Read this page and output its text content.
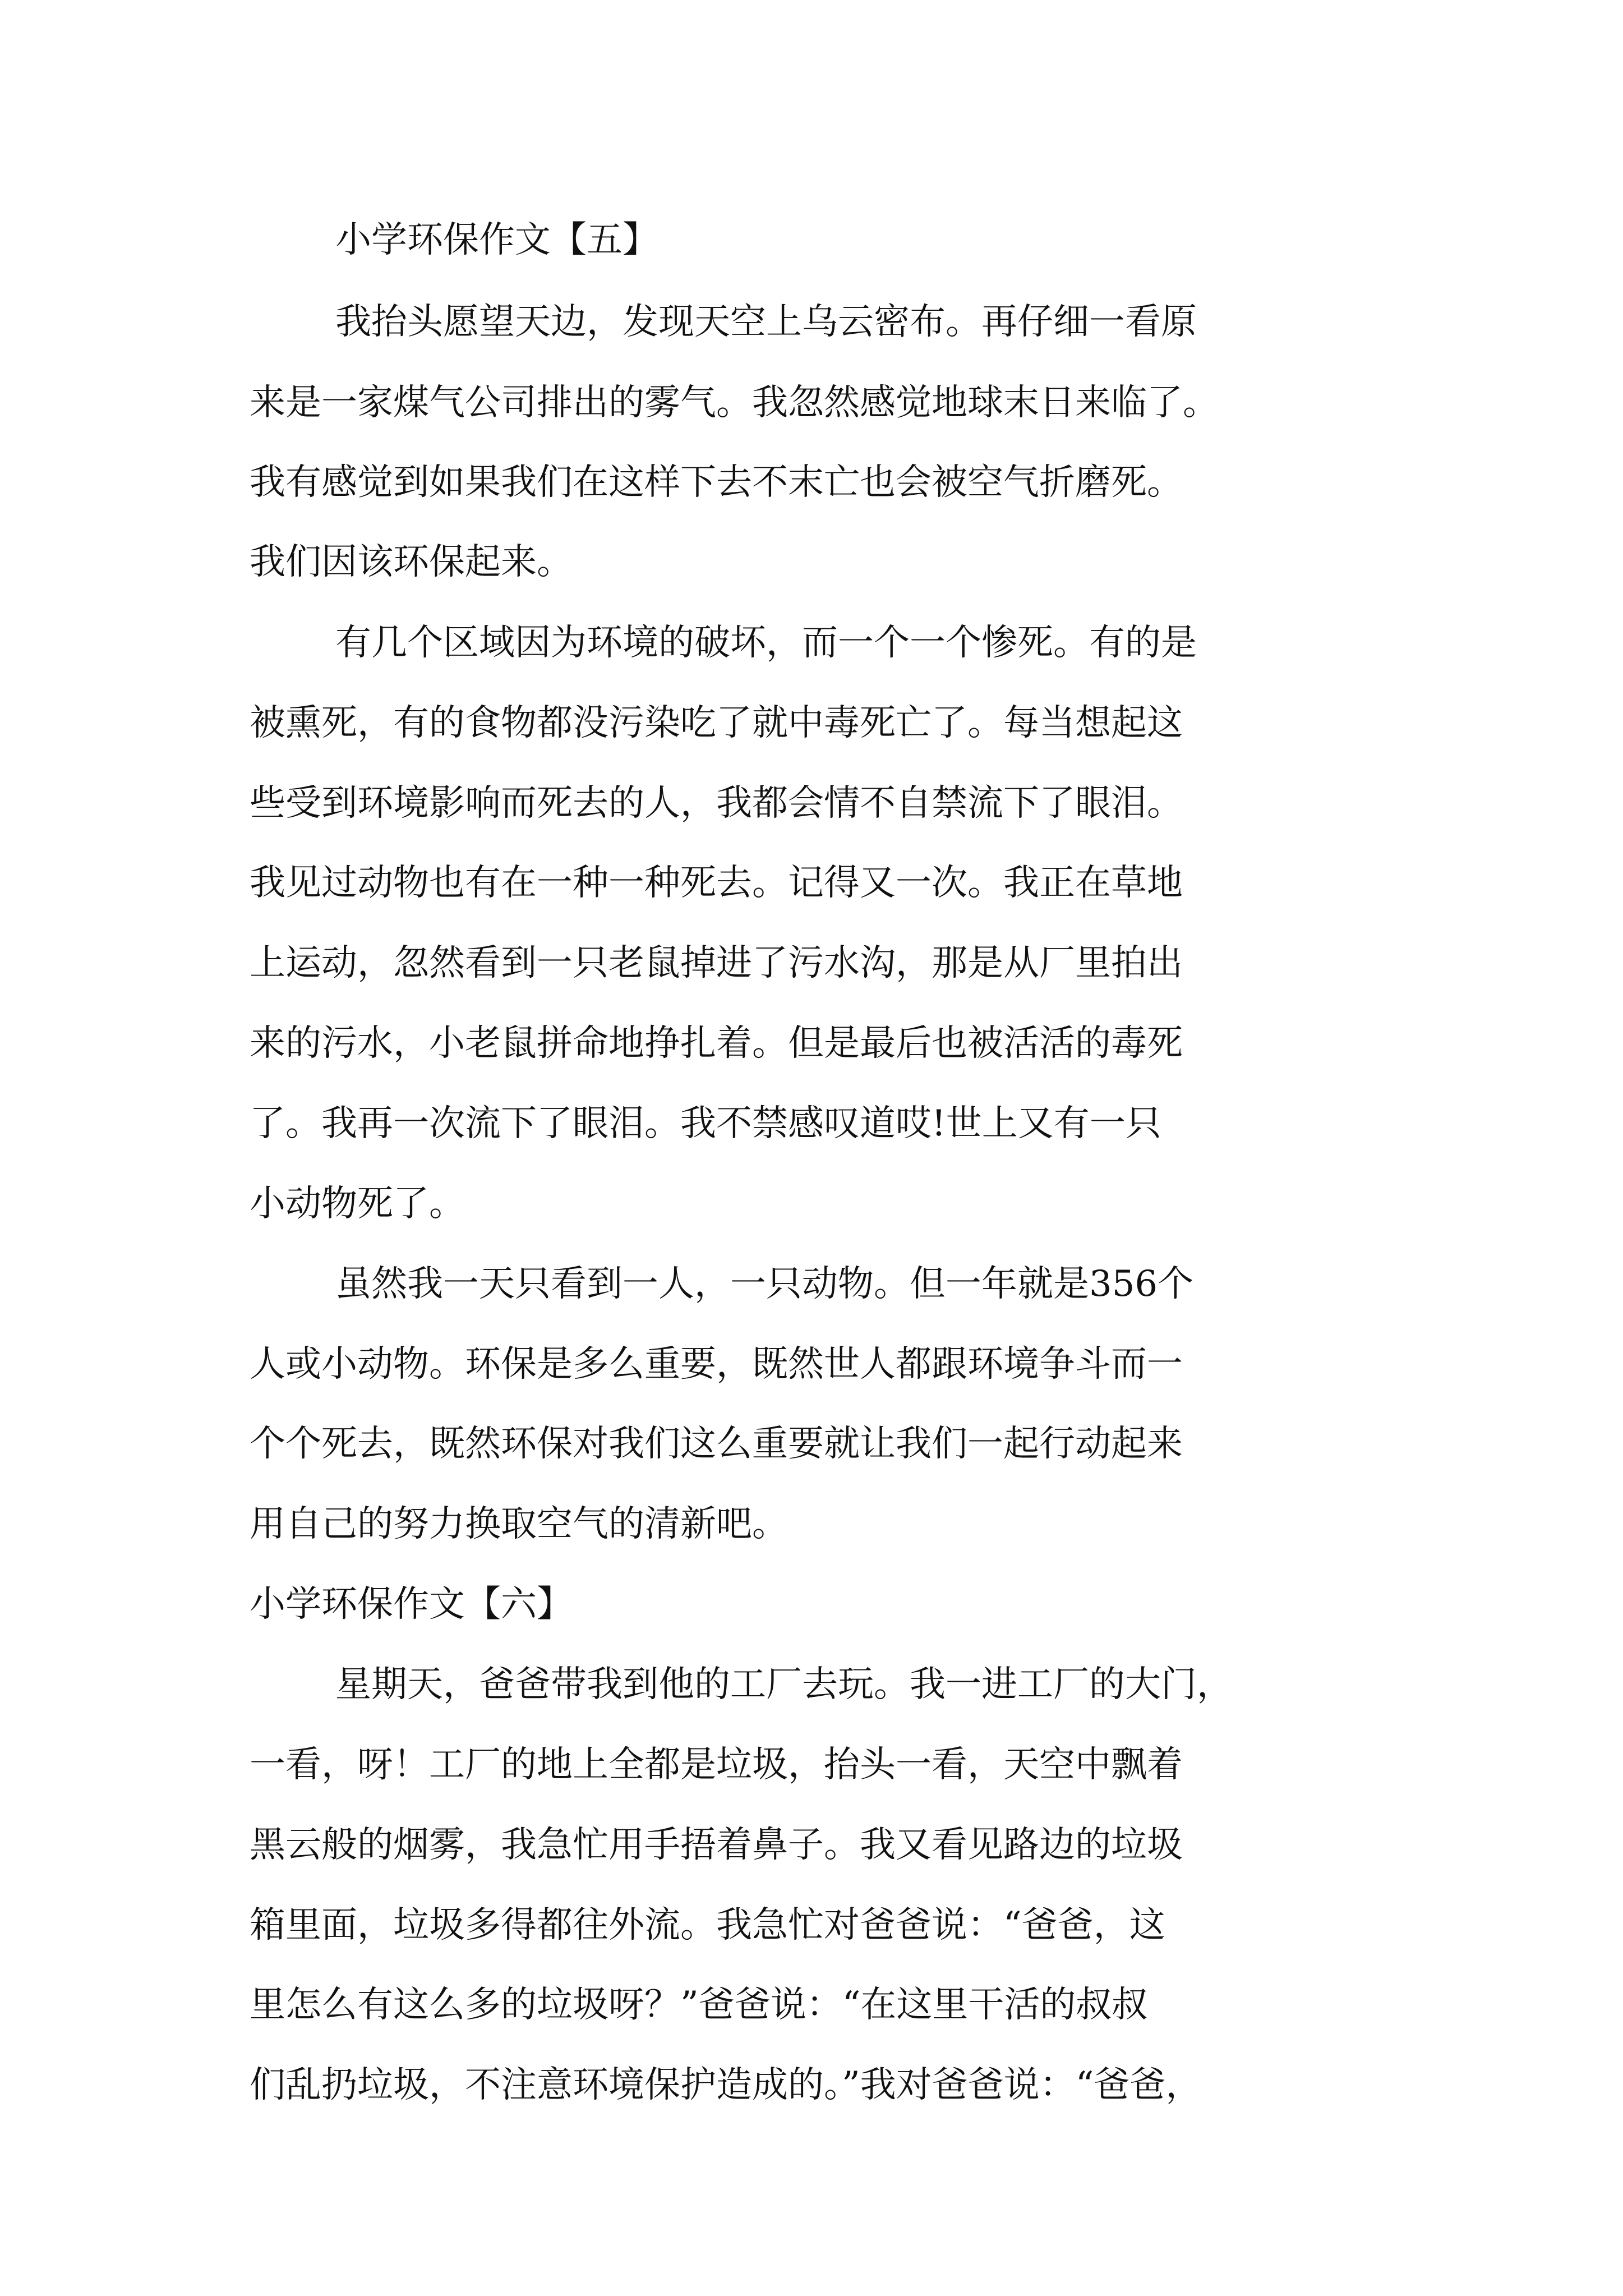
小学环保作文【五】

我抬头愿望天边，发现天空上乌云密布。再仔细一看原

来是一家煤气公司排出的雾气。我忽然感觉地球末日来临了。

我有感觉到如果我们在这样下去不末亡也会被空气折磨死。

我们因该环保起来。

有几个区域因为环境的破坏，而一个一个惨死。有的是

被熏死，有的食物都没污染吃了就中毒死亡了。每当想起这

些受到环境影响而死去的人，我都会情不自禁流下了眼泪。

我见过动物也有在一种一种死去。记得又一次。我正在草地

上运动，忽然看到一只老鼠掉进了污水沟，那是从厂里拍出

来的污水，小老鼠拼命地挣扎着。但是最后也被活活的毒死

了。我再一次流下了眼泪。我不禁感叹道哎!世上又有一只

小动物死了。

虽然我一天只看到一人，一只动物。但一年就是356个

人或小动物。环保是多么重要，既然世人都跟环境争斗而一

个个死去，既然环保对我们这么重要就让我们一起行动起来

用自己的努力换取空气的清新吧。

小学环保作文【六】

星期天，爸爸带我到他的工厂去玩。我一进工厂的大门，

一看，呀！工厂的地上全都是垃圾，抬头一看，天空中飘着

黑云般的烟雾，我急忙用手捂着鼻子。我又看见路边的垃圾

箱里面，垃圾多得都往外流。我急忙对爸爸说：“爸爸，这

里怎么有这么多的垃圾呀？”爸爸说：“在这里干活的叔叔

们乱扔垃圾，不注意环境保护造成的。”我对爸爸说：“爸爸，
